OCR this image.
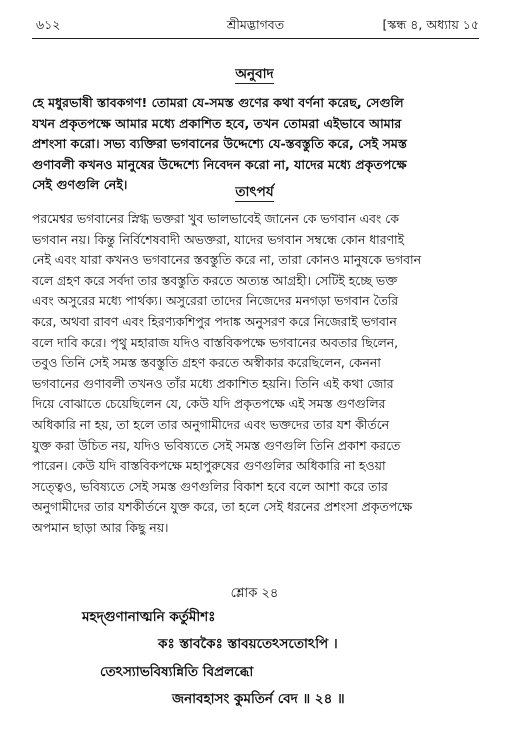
৬১২	শ্রীমদ্ভাগবত	[স্কন্ধ ৪, অধ্যায় ১৫
অনুবাদ
হে মধুরভাষী স্তাবকগণ! তোমরা যে-সমস্ত গুণের কথা বর্ণনা করেছ, সেগুলি
যখন প্রকৃতপক্ষে আমার মধ্যে প্রকাশিত হবে, তখন তোমরা এইভাবে আমার
প্রশংসা করো। সভ্য ব্যক্তিরা ভগবানের উদ্দেশ্যে যে-স্তবস্তুতি করে, সেই সমস্ত
গুণাবলী কখনও মানুষের উদ্দেশ্যে নিবেদন করো না, যাদের মধ্যে প্রকৃতপক্ষে
সেই গুণগুলি নেই।	তাৎপর্য
পরমেশ্বর ভগবানের স্নিগ্ধ ভক্তরা খুব ভালভাবেই জানেন কে ভগবান এবং কে
ভগবান নয়। কিন্তু নির্বিশেষবাদী অভক্তরা, যাদের ভগবান সম্বন্ধে কোন ধারণাই
নেই এবং যারা কখনও ভগবানের স্তবস্তুতি করে না, তারা কোনও মানুষকে ভগবান
বলে গ্রহণ করে সর্বদা তার স্তবস্তুতি করতে অত্যন্ত আগ্রহী। সেটিই হচ্ছে ভক্ত
এবং অসুরের মধ্যে পার্থক্য। অসুরেরা তাদের নিজেদের মনগড়া ভগবান তৈরি
করে, অথবা রাবণ এবং হিরণ্যকশিপুর পদাঙ্ক অনুসরণ করে নিজেরাই ভগবান
বলে দাবি করে। পৃথু মহারাজ যদিও বাস্তবিকপক্ষে ভগবানের অবতার ছিলেন,
তবুও তিনি সেই সমস্ত স্তবস্তুতি গ্রহণ করতে অস্বীকার করেছিলেন, কেননা
ভগবানের গুণাবলী তখনও তাঁর মধ্যে প্রকাশিত হয়নি। তিনি এই কথা জোর
দিয়ে বোঝাতে চেয়েছিলেন যে, কেউ যদি প্রকৃতপক্ষে এই সমস্ত গুণগুলির
অধিকারি না হয়, তা হলে তার অনুগামীদের এবং ভক্তদের তার যশ কীর্তনে
যুক্ত করা উচিত নয়, যদিও ভবিষ্যতে সেই সমস্ত গুণগুলি তিনি প্রকাশ করতে
পারেন। কেউ যদি বাস্তবিকপক্ষে মহাপুরুষের গুণগুলির অধিকারি না হওয়া
সত্ত্বেও, ভবিষ্যতে সেই সমস্ত গুণগুলির বিকাশ হবে বলে আশা করে তার
অনুগামীদের তার যশকীর্তনে যুক্ত করে, তা হলে সেই ধরনের প্রশংসা প্রকৃতপক্ষে
অপমান ছাড়া আর কিছু নয়।
শ্লোক ২৪
মহদ্গুণানাত্মনি কর্তুমীশঃ
কঃ স্তাবকৈঃ স্তাবয়তেঽসতোঽপি ।
তেঽস্যাভবিষ্যন্নিতি বিপ্রলব্ধো
জনাবহাসং কুমতির্ন বেদ ॥ ২৪ ॥
